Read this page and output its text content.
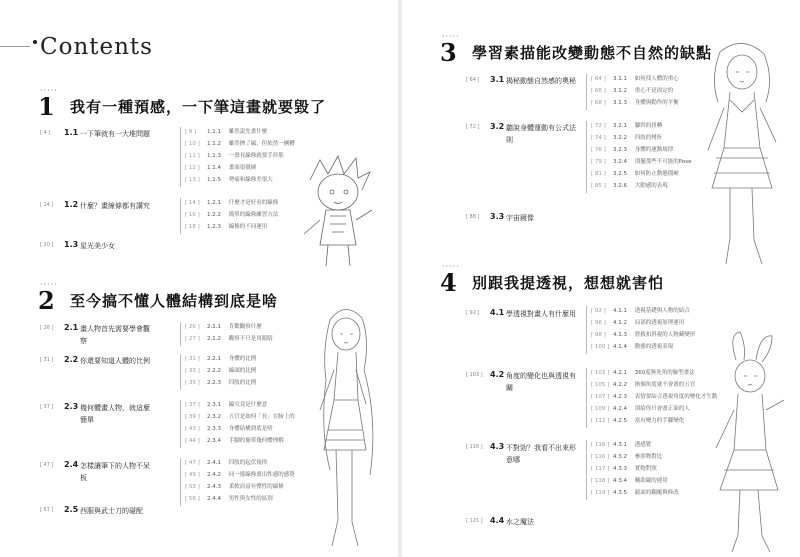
Contents
·····
1 我有一種預感，一下筆這畫就要毀了
[ 4 ]	1.1 一下筆就有一大堆問題	[ 9 ] 1.1.1 雖然說先畫什麼
[ 10 ] 1.1.2 雖然擠了線，但依然一團糟
[ 11 ] 1.1.3 一畫長線條就要手抖筋
[ 12 ] 1.1.4 畫面很僵硬
[ 13 ] 1.1.5 勢痛和線條差很大
[ 14 ]	1.2 什麼？畫線條都有講究	[ 14 ] 1.2.1 什麼才是好看的線條
[ 16 ] 1.2.2 簡單的線條練習方法
[ 18 ] 1.2.3 線條的不同運用
[ 20 ]	1.3 星光美少女
·····
2 至今搞不懂人體結構到底是啥
[ 26 ]	2.1 畫人物首先需要學會觀察
[ 26 ] 2.1.1 肯歡觀察什麼
[ 27 ] 2.1.2 觀察不只是用眼睛
[ 31 ]	2.2 你還要知道人體的比例	[ 31 ] 2.2.1 身體的比例
[ 33 ] 2.2.2 線頭的比例
[ 35 ] 2.2.3 四肢的比例
[ 37 ]	2.3 幾何體畫人物，就這麼簡單
[ 37 ] 2.3.1 線究竟是什麼意
[ 39 ] 2.3.2 五官是如何「長」在臉上的
[ 43 ] 2.3.3 身體結構到底是啥
[ 44 ] 2.3.4 手腳的簡單幾何體理解
[ 47 ]	2.4 怎樣讓筆下的人物不呆板
[ 47 ] 2.4.1 四肢的起伏規律
[ 49 ] 2.4.2 同一捲線條畫出性感的感覺
[ 53 ] 2.4.3 柔軟而富有彈性的線條
[ 56 ] 2.4.4 男性與女性的區別
[ 57 ]	2.5 西服與武士刀的碰配
·····
3 學習素描能改變動態不自然的缺點
[ 64 ]	3.1 揭秘動態自然感的奧秘	[ 64 ] 3.1.1 如何找人體的重心
[ 66 ] 3.1.2 重心不是固定的
[ 68 ] 3.1.3 身體與動作的平衡
[ 72 ]	3.2 聽說身體運動有公式法則
[ 72 ] 3.2.1 腳幹的扭轉
[ 74 ] 3.2.2 四肢的彎折
[ 76 ] 3.2.3 身體的運動規律
[ 79 ] 3.2.4 別擺那些不可能的Pose
[ 81 ] 3.2.5 如何防止動態僵硬
[ 85 ] 3.2.6 大動感的表現
[ 88 ]	3.3 宇宙鏡像
·····
4 別跟我提透視，想想就害怕
[ 92 ]	4.1 學透視對畫人有什麼用	[ 92 ] 4.1.1 透視基礎與人物的結合
[ 96 ] 4.1.2 局部的透視原理運用
[ 98 ] 4.1.3 營救扣斜視的人物藏變形
[ 100 ] 4.1.4 動態的透視表現
[ 103 ] 4.2 角度的變化也與透視有關
[ 103 ] 4.2.1 360度無死角的臉型畫法
[ 105 ] 4.2.2 換個角度就不會畫的五官
[ 107 ] 4.2.3 表情要結合透視角度的變化才生動
[ 109 ] 4.2.4 別給你只會畫正面的人
[ 112 ] 4.2.5 富有變力的手腳變化
[ 116 ] 4.3 不對勁？我看不出來形意哪
[ 116 ] 4.3.1 透感覺
[ 116 ] 4.3.2 參照物對比
[ 117 ] 4.3.3 實物對照
[ 118 ] 4.3.4 輔助線的運用
[ 119 ] 4.3.5 鏡面的翻覆與修改
[ 121 ] 4.4 水之魔法
